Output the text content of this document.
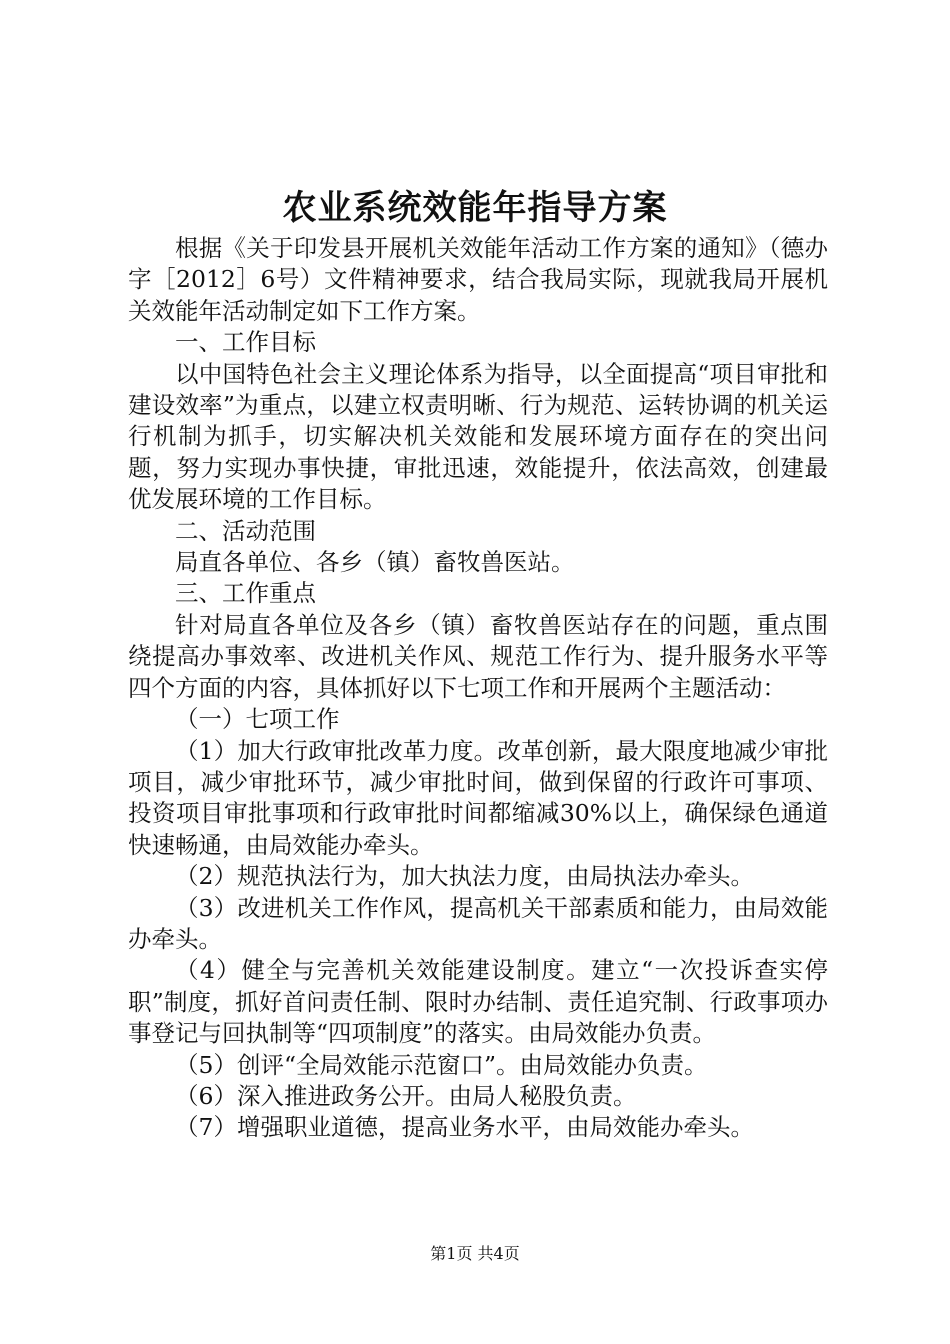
农业系统效能年指导方案

根据《关于印发县开展机关效能年活动工作方案的通知》（德办字［2012］6号）文件精神要求，结合我局实际，现就我局开展机关效能年活动制定如下工作方案。

一、工作目标

以中国特色社会主义理论体系为指导，以全面提高“项目审批和建设效率”为重点，以建立权责明晰、行为规范、运转协调的机关运行机制为抓手，切实解决机关效能和发展环境方面存在的突出问题，努力实现办事快捷，审批迅速，效能提升，依法高效，创建最优发展环境的工作目标。

二、活动范围

局直各单位、各乡（镇）畜牧兽医站。

三、工作重点

针对局直各单位及各乡（镇）畜牧兽医站存在的问题，重点围绕提高办事效率、改进机关作风、规范工作行为、提升服务水平等四个方面的内容，具体抓好以下七项工作和开展两个主题活动：

（一）七项工作

（1）加大行政审批改革力度。改革创新，最大限度地减少审批项目，减少审批环节，减少审批时间，做到保留的行政许可事项、投资项目审批事项和行政审批时间都缩减30%以上，确保绿色通道快速畅通，由局效能办牵头。

（2）规范执法行为，加大执法力度，由局执法办牵头。

（3）改进机关工作作风，提高机关干部素质和能力，由局效能办牵头。

（4）健全与完善机关效能建设制度。建立“一次投诉查实停职”制度，抓好首问责任制、限时办结制、责任追究制、行政事项办事登记与回执制等“四项制度”的落实。由局效能办负责。

（5）创评“全局效能示范窗口”。由局效能办负责。

（6）深入推进政务公开。由局人秘股负责。

（7）增强职业道德，提高业务水平，由局效能办牵头。

第1页 共4页
